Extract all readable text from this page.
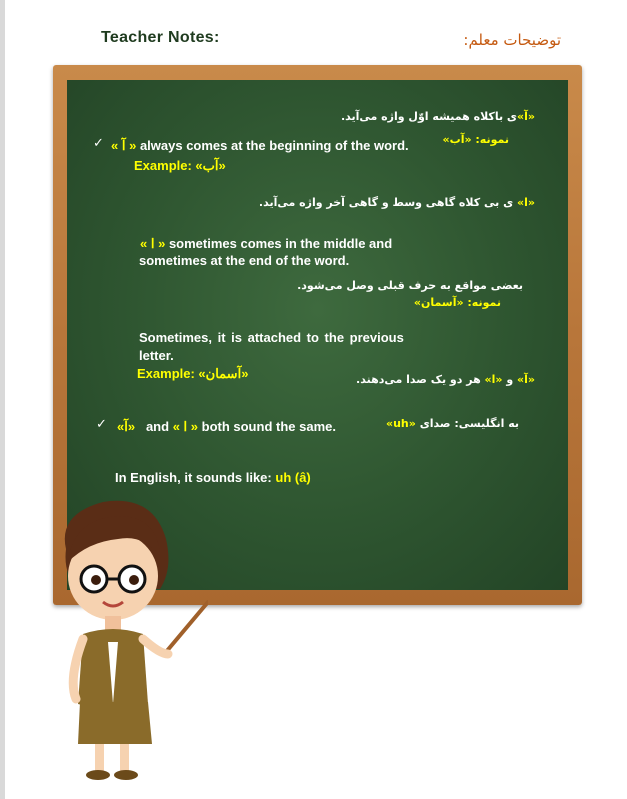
Teacher Notes:	توضیحات معلم:
«آ»ی باکلاه همیشه اوّل واژه می‌آید.
نمونه: «آب»
✓ « آ » always comes at the beginning of the word.
Example: «آب»
«ا» ی بی کلاه گاهی وسط و گاهی آخر واژه می‌آید.
« ا » sometimes comes in the middle and
sometimes at the end of the word.
بعضی مواقع به حرف قبلی وصل می‌شود.
نمونه: «آسمان»
Sometimes, it is attached to the previous
letter.
Example: «آسمان»	«آ» و «ا» هر دو یک صدا می‌دهند.
به انگلیسی: صدای «uh»
✓ «آ» and « ا » both sound the same.
In English, it sounds like: uh (â)
